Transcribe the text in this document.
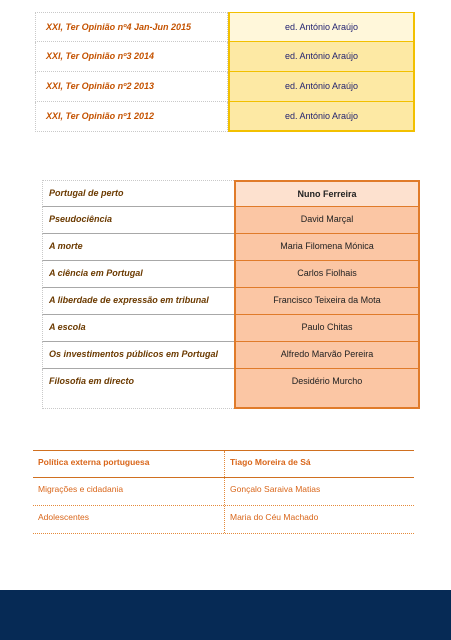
XXI, Ter Opinião nº4 Jan-Jun 2015	ed. António Araújo
XXI, Ter Opinião nº3 2014	ed. António Araújo
XXI, Ter Opinião nº2 2013	ed. António Araújo
XXI, Ter Opinião nº1 2012	ed. António Araújo
Portugal de perto	Nuno Ferreira
Pseudociência	David Marçal
A morte	Maria Filomena Mónica
A ciência em Portugal	Carlos Fiolhais
A liberdade de expressão em tribunal	Francisco Teixeira da Mota
A escola	Paulo Chitas
Os investimentos públicos em Portugal	Alfredo Marvão Pereira
Filosofia em directo	Desidério Murcho
Política externa portuguesa	Tiago Moreira de Sá
Migrações e cidadania	Gonçalo Saraiva Matias
Adolescentes	Maria do Céu Machado
